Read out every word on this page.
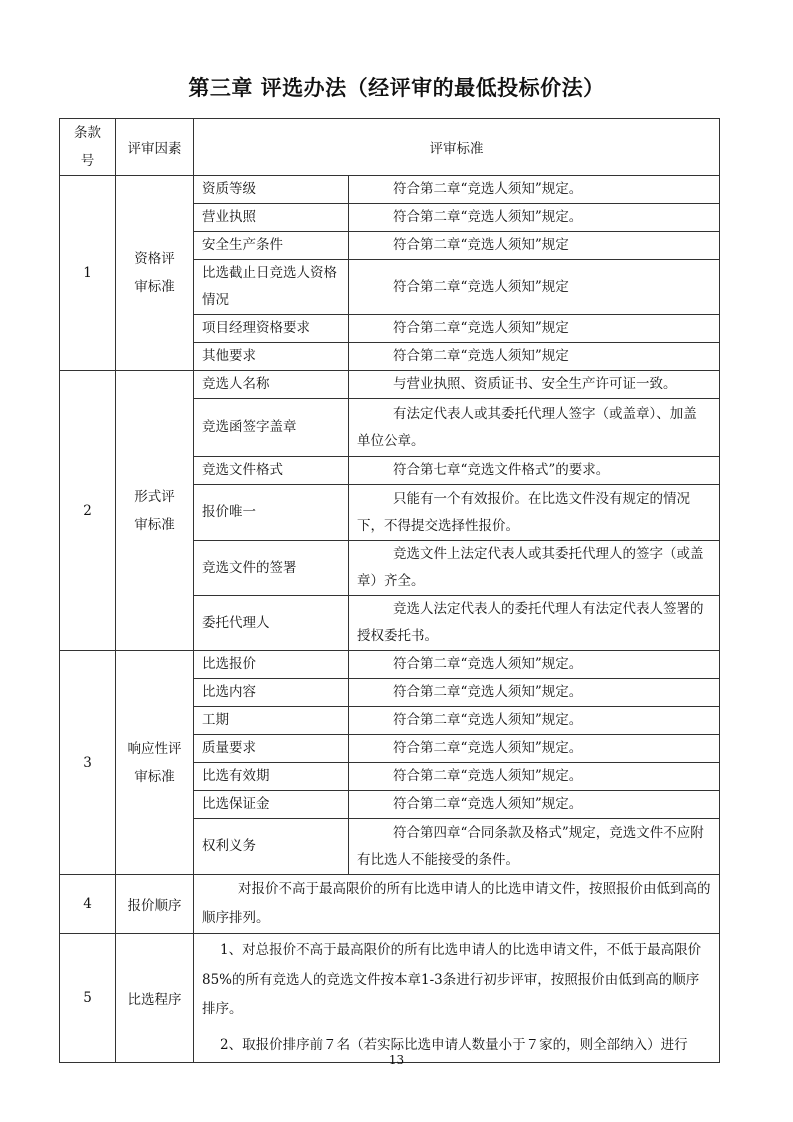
第三章 评选办法（经评审的最低投标价法）
条款号	评审因素	评审标准	
1	资格评审标准	资质等级	符合第二章“竞选人须知”规定。
		营业执照	符合第二章“竞选人须知”规定。
		安全生产条件	符合第二章“竞选人须知”规定
		比选截止日竞选人资格情况	符合第二章“竞选人须知”规定
		项目经理资格要求	符合第二章“竞选人须知”规定
		其他要求	符合第二章“竞选人须知”规定
2	形式评审标准	竞选人名称	与营业执照、资质证书、安全生产许可证一致。
		竞选函签字盖章	有法定代表人或其委托代理人签字（或盖章）、加盖单位公章。
		竞选文件格式	符合第七章“竞选文件格式”的要求。
		报价唯一	只能有一个有效报价。在比选文件没有规定的情况下，不得提交选择性报价。
		竞选文件的签署	竞选文件上法定代表人或其委托代理人的签字（或盖章）齐全。
		委托代理人	竞选人法定代表人的委托代理人有法定代表人签署的授权委托书。
3	响应性评审标准	比选报价	符合第二章“竞选人须知”规定。
		比选内容	符合第二章“竞选人须知”规定。
		工期	符合第二章“竞选人须知”规定。
		质量要求	符合第二章“竞选人须知”规定。
		比选有效期	符合第二章“竞选人须知”规定。
		比选保证金	符合第二章“竞选人须知”规定。
		权利义务	符合第四章“合同条款及格式”规定，竞选文件不应附有比选人不能接受的条件。
4	报价顺序	对报价不高于最高限价的所有比选申请人的比选申请文件，按照报价由低到高的顺序排列。	
5	比选程序	1、对总报价不高于最高限价的所有比选申请人的比选申请文件，不低于最高限价85%的所有竞选人的竞选文件按本章1-3条进行初步评审，按照报价由低到高的顺序排序。
2、取报价排序前７名（若实际比选申请人数量小于７家的，则全部纳入）进行	
13
